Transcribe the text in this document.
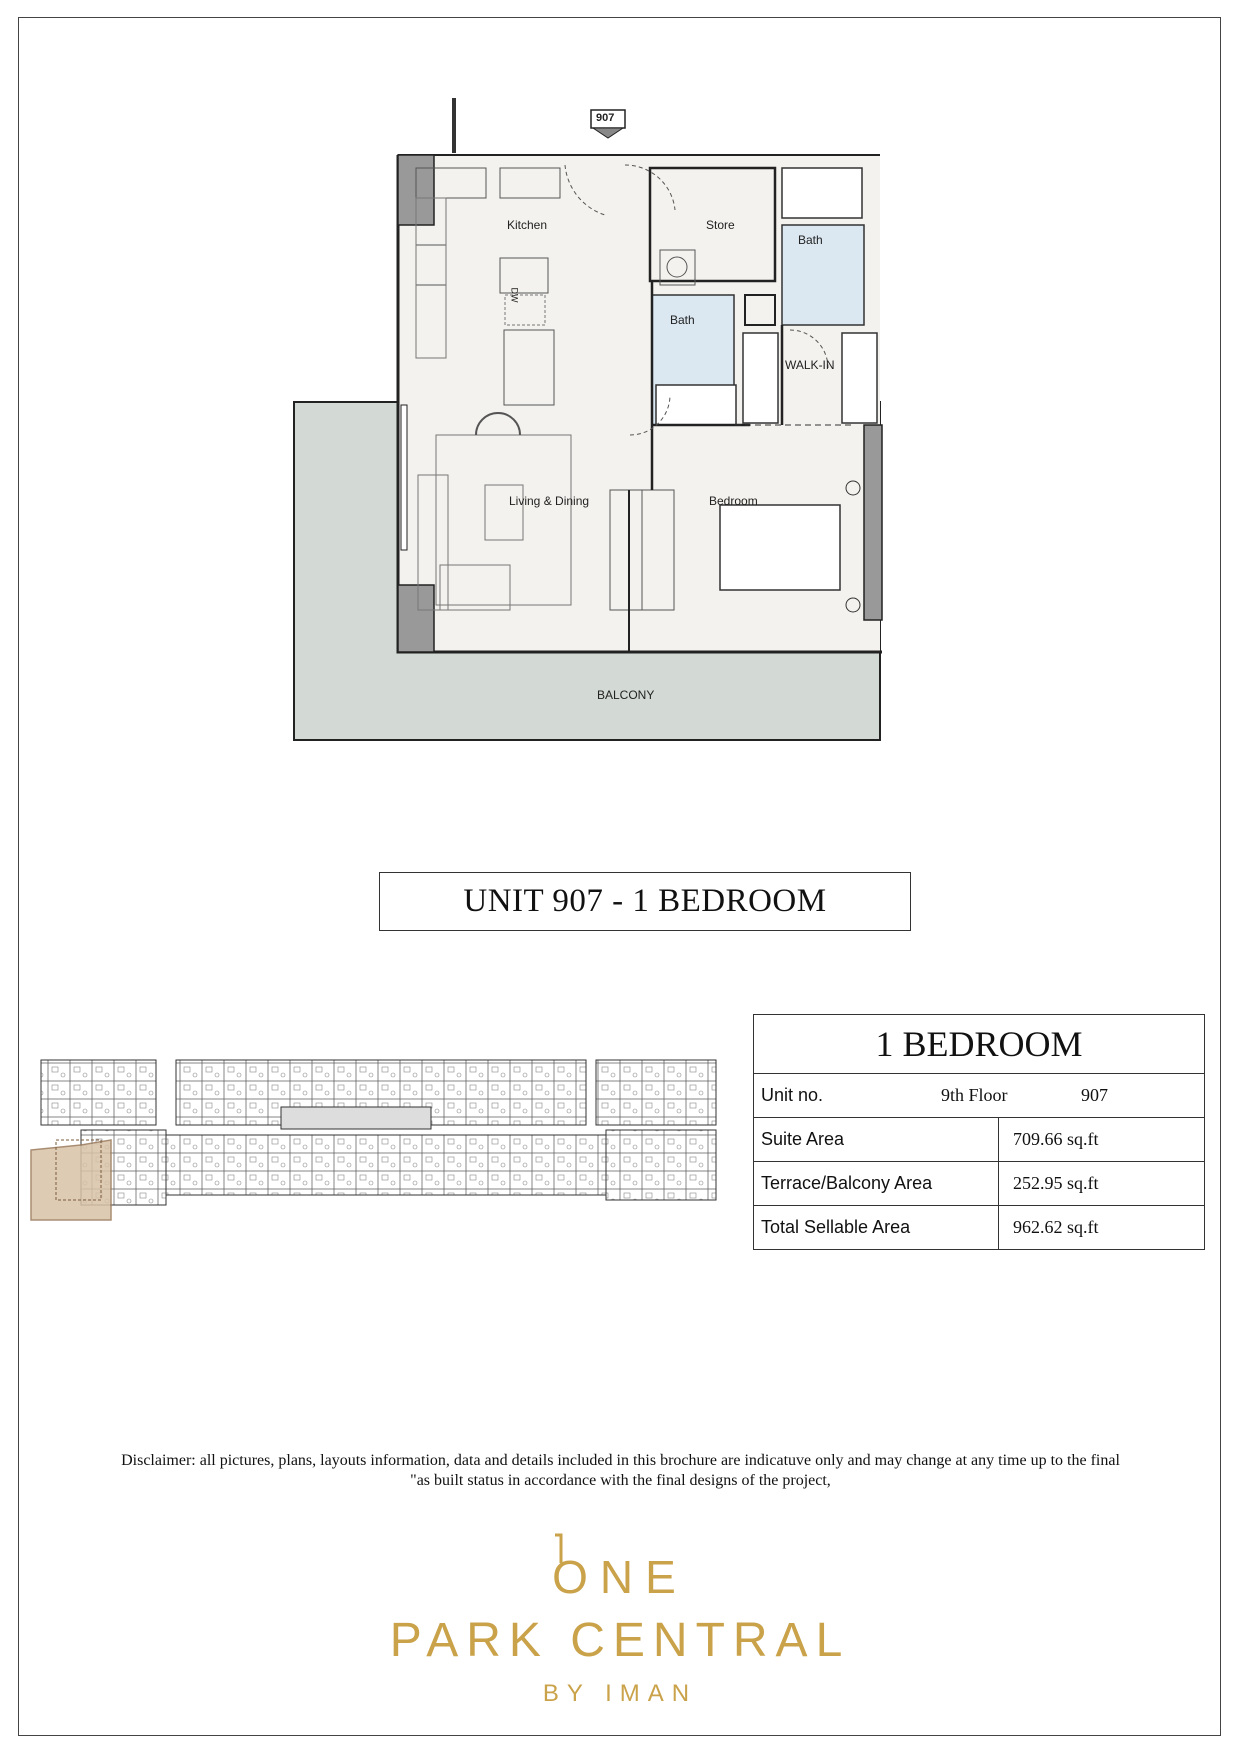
907
Kitchen
DW
Store
Bath
Bath
WALK-IN
Living & Dining	Bedroom
BALCONY
UNIT 907 - 1 BEDROOM
1 BEDROOM	

Unit no. 9th Floor 907	

Suite Area	709.66 sq.ft
Terrace/Balcony Area	252.95 sq.ft
Total Sellable Area	962.62 sq.ft
Disclaimer: all pictures, plans, layouts information, data and details included in this brochure are indicatuve only and may change at any time up to the final
"as built status in accordance with the final designs of the project,
ONE
PARK CENTRAL
BY IMAN
